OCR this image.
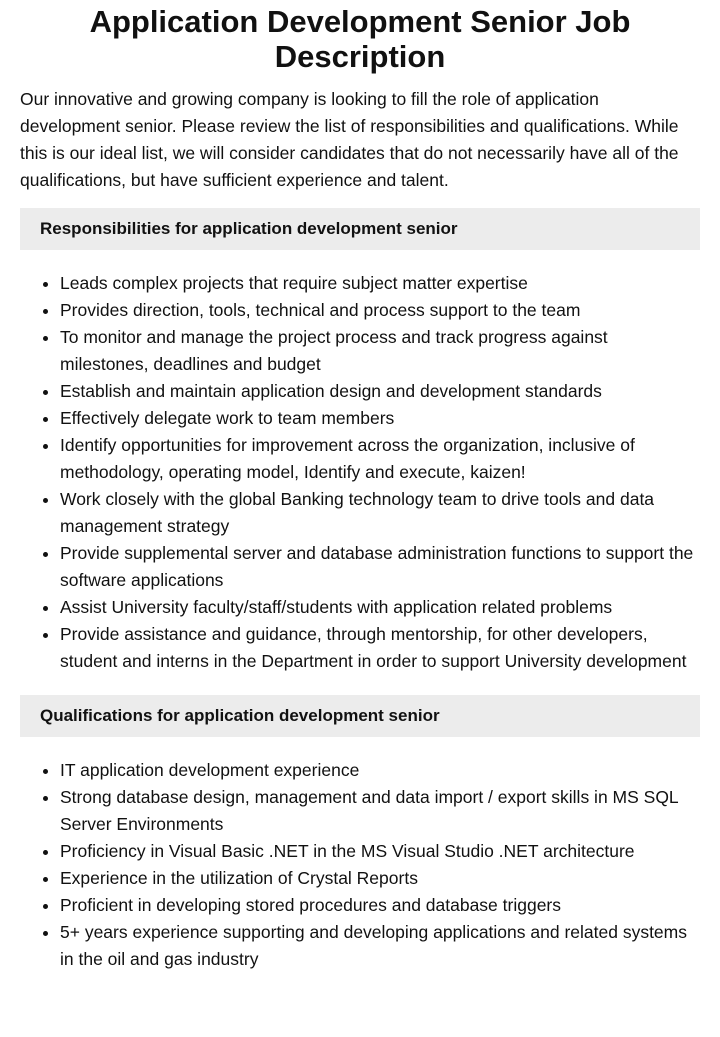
Application Development Senior Job Description

Our innovative and growing company is looking to fill the role of application development senior. Please review the list of responsibilities and qualifications. While this is our ideal list, we will consider candidates that do not necessarily have all of the qualifications, but have sufficient experience and talent.

Responsibilities for application development senior
• Leads complex projects that require subject matter expertise
• Provides direction, tools, technical and process support to the team
• To monitor and manage the project process and track progress against milestones, deadlines and budget
• Establish and maintain application design and development standards
• Effectively delegate work to team members
• Identify opportunities for improvement across the organization, inclusive of methodology, operating model, Identify and execute, kaizen!
• Work closely with the global Banking technology team to drive tools and data management strategy
• Provide supplemental server and database administration functions to support the software applications
• Assist University faculty/staff/students with application related problems
• Provide assistance and guidance, through mentorship, for other developers, student and interns in the Department in order to support University development
Qualifications for application development senior
• IT application development experience
• Strong database design, management and data import / export skills in MS SQL Server Environments
• Proficiency in Visual Basic .NET in the MS Visual Studio .NET architecture
• Experience in the utilization of Crystal Reports
• Proficient in developing stored procedures and database triggers
• 5+ years experience supporting and developing applications and related systems in the oil and gas industry
